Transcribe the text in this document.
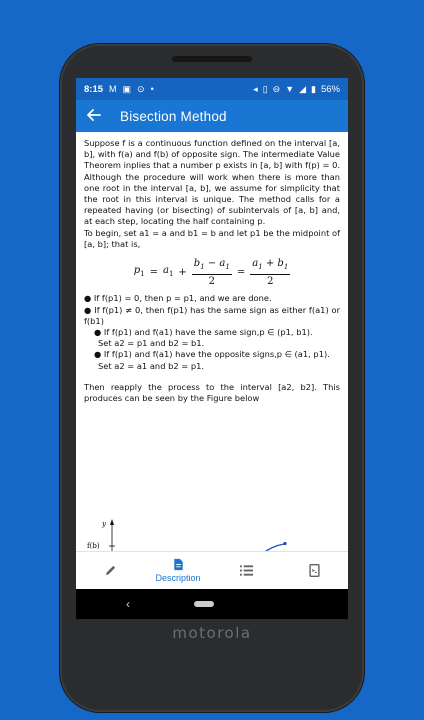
8:15 M ▣ ⊙ •	◂ ▯ ⊖ ▼ ◢ ▮ 56%
Bisection Method

Suppose f is a continuous function defined on the interval [a, b], with f(a) and f(b) of opposite sign. The intermediate Value Theorem inplies that a number p exists in [a, b] with f(p) = 0. Although the procedure will work when there is more than one root in the interval [a, b], we assume for simplicity that the root in this interval is unique. The method calls for a repeated having (or bisecting) of subintervals of [a, b] and, at each step, locating the half containing p.

To begin, set a1 = a and b1 = b and let p1 be the midpoint of [a, b]; that is,

$p_1 = a_1 + \frac{b_1 - a_1}{2} = \frac{a_1 + b_1}{2}$

● If f(p1) = 0, then p = p1, and we are done.

● If f(p1) ≠ 0, then f(p1) has the same sign as either f(a1) or f(b1)

● If f(p1) and f(a1) have the same sign,p ∈ (p1, b1).

Set a2 = p1 and b2 = b1.

● If f(p1) and f(a1) have the opposite signs,p ∈ (a1, p1).

Set a2 = a1 and b2 = p1.

Then reapply the process to the interval [a2, b2]. This produces can be seen by the Figure below

y
f(b)
Description
‹
motorola
